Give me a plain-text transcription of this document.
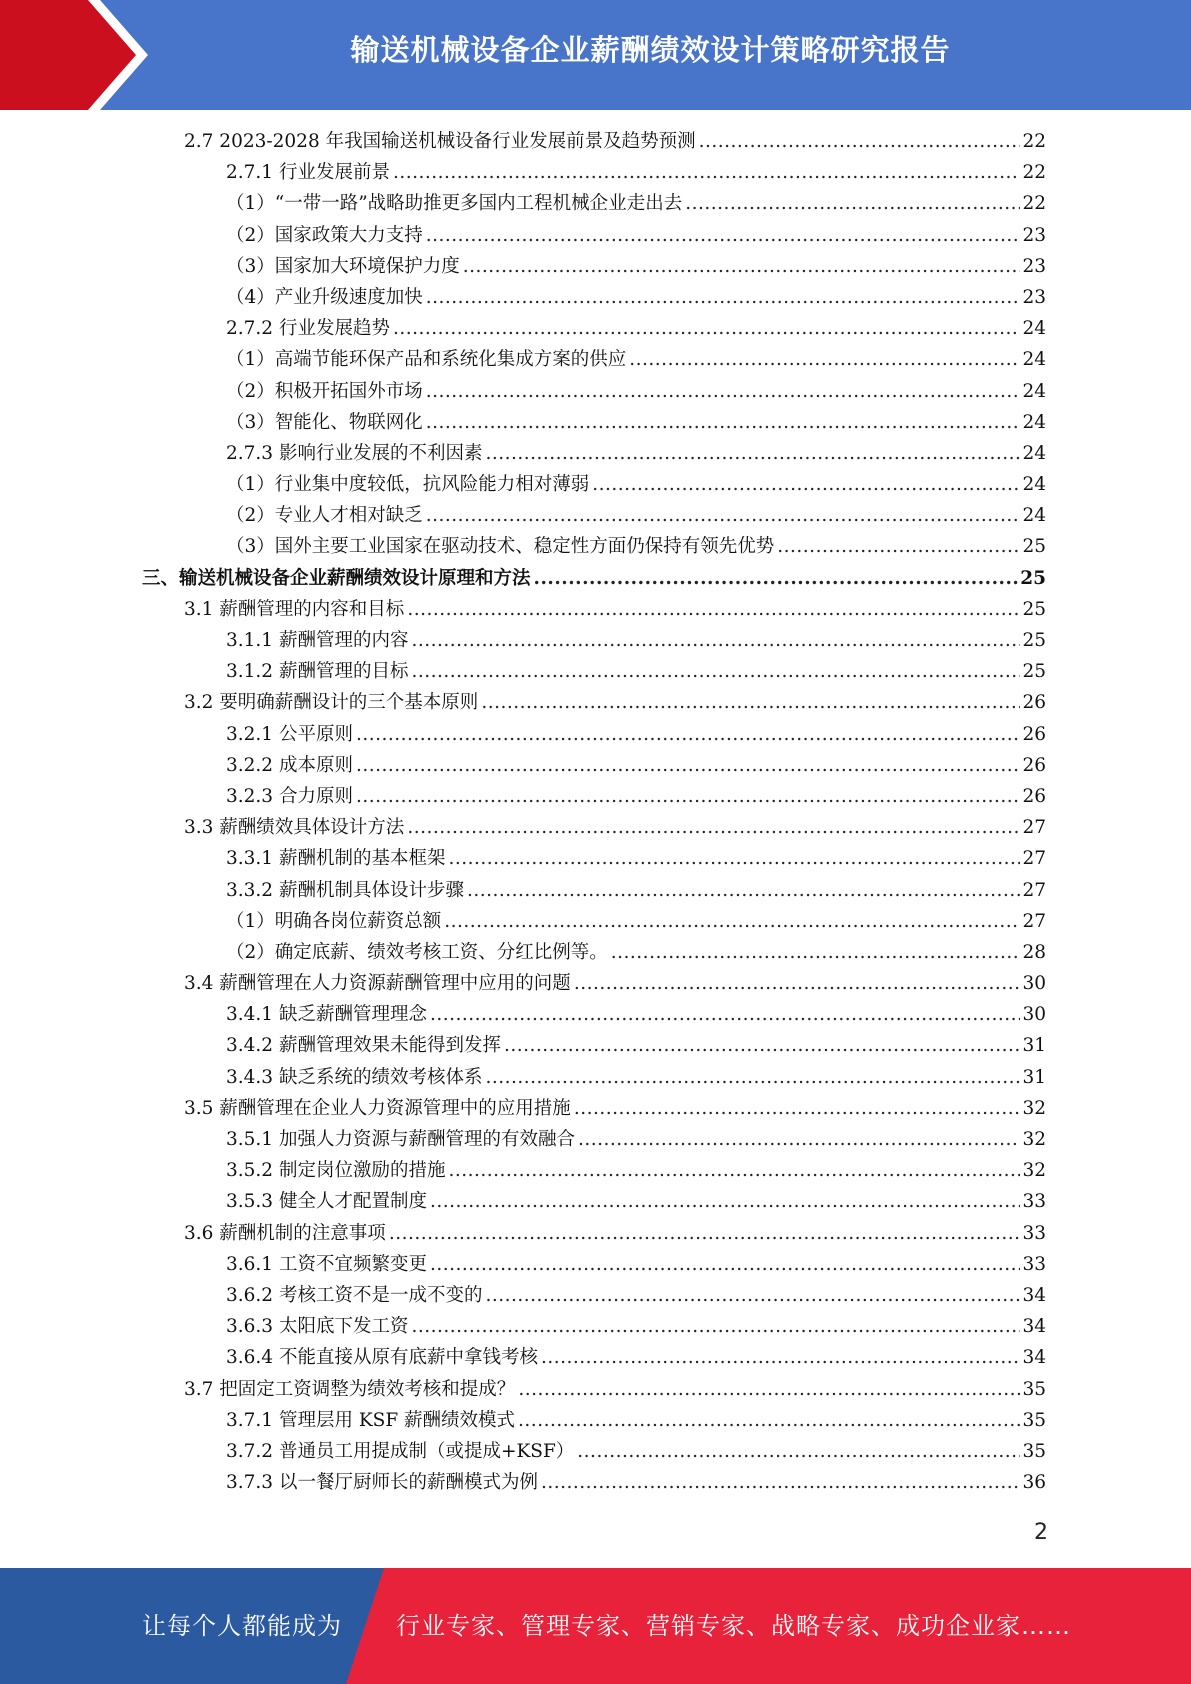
输送机械设备企业薪酬绩效设计策略研究报告
2.7 2023-2028 年我国输送机械设备行业发展前景及趋势预测 .....	22
2.7.1 行业发展前景 .....	22
（1）“一带一路”战略助推更多国内工程机械企业走出去 .....	22
（2）国家政策大力支持 .....	23
（3）国家加大环境保护力度 .....	23
（4）产业升级速度加快 .....	23
2.7.2 行业发展趋势 .....	24
（1）高端节能环保产品和系统化集成方案的供应 .....	24
（2）积极开拓国外市场 .....	24
（3）智能化、物联网化 .....	24
2.7.3 影响行业发展的不利因素 .....	24
（1）行业集中度较低，抗风险能力相对薄弱 .....	24
（2）专业人才相对缺乏 .....	24
（3）国外主要工业国家在驱动技术、稳定性方面仍保持有领先优势 .....	25
三、输送机械设备企业薪酬绩效设计原理和方法 .....	25
3.1 薪酬管理的内容和目标 .....	25
3.1.1 薪酬管理的内容 .....	25
3.1.2 薪酬管理的目标 .....	25
3.2 要明确薪酬设计的三个基本原则 .....	26
3.2.1 公平原则 .....	26
3.2.2 成本原则 .....	26
3.2.3 合力原则 .....	26
3.3 薪酬绩效具体设计方法 .....	27
3.3.1 薪酬机制的基本框架 .....	27
3.3.2 薪酬机制具体设计步骤 .....	27
（1）明确各岗位薪资总额 .....	27
（2）确定底薪、绩效考核工资、分红比例等。 .....	28
3.4 薪酬管理在人力资源薪酬管理中应用的问题 .....	30
3.4.1 缺乏薪酬管理理念 .....	30
3.4.2 薪酬管理效果未能得到发挥 .....	31
3.4.3 缺乏系统的绩效考核体系 .....	31
3.5 薪酬管理在企业人力资源管理中的应用措施 .....	32
3.5.1 加强人力资源与薪酬管理的有效融合 .....	32
3.5.2 制定岗位激励的措施 .....	32
3.5.3 健全人才配置制度 .....	33
3.6 薪酬机制的注意事项 .....	33
3.6.1 工资不宜频繁变更 .....	33
3.6.2 考核工资不是一成不变的 .....	34
3.6.3 太阳底下发工资 .....	34
3.6.4 不能直接从原有底薪中拿钱考核 .....	34
3.7 把固定工资调整为绩效考核和提成？ .....	35
3.7.1 管理层用 KSF 薪酬绩效模式 .....	35
3.7.2 普通员工用提成制（或提成+KSF） .....	35
3.7.3 以一餐厅厨师长的薪酬模式为例 .....	36
2
让每个人都能成为 行业专家、管理专家、营销专家、战略专家、成功企业家……
